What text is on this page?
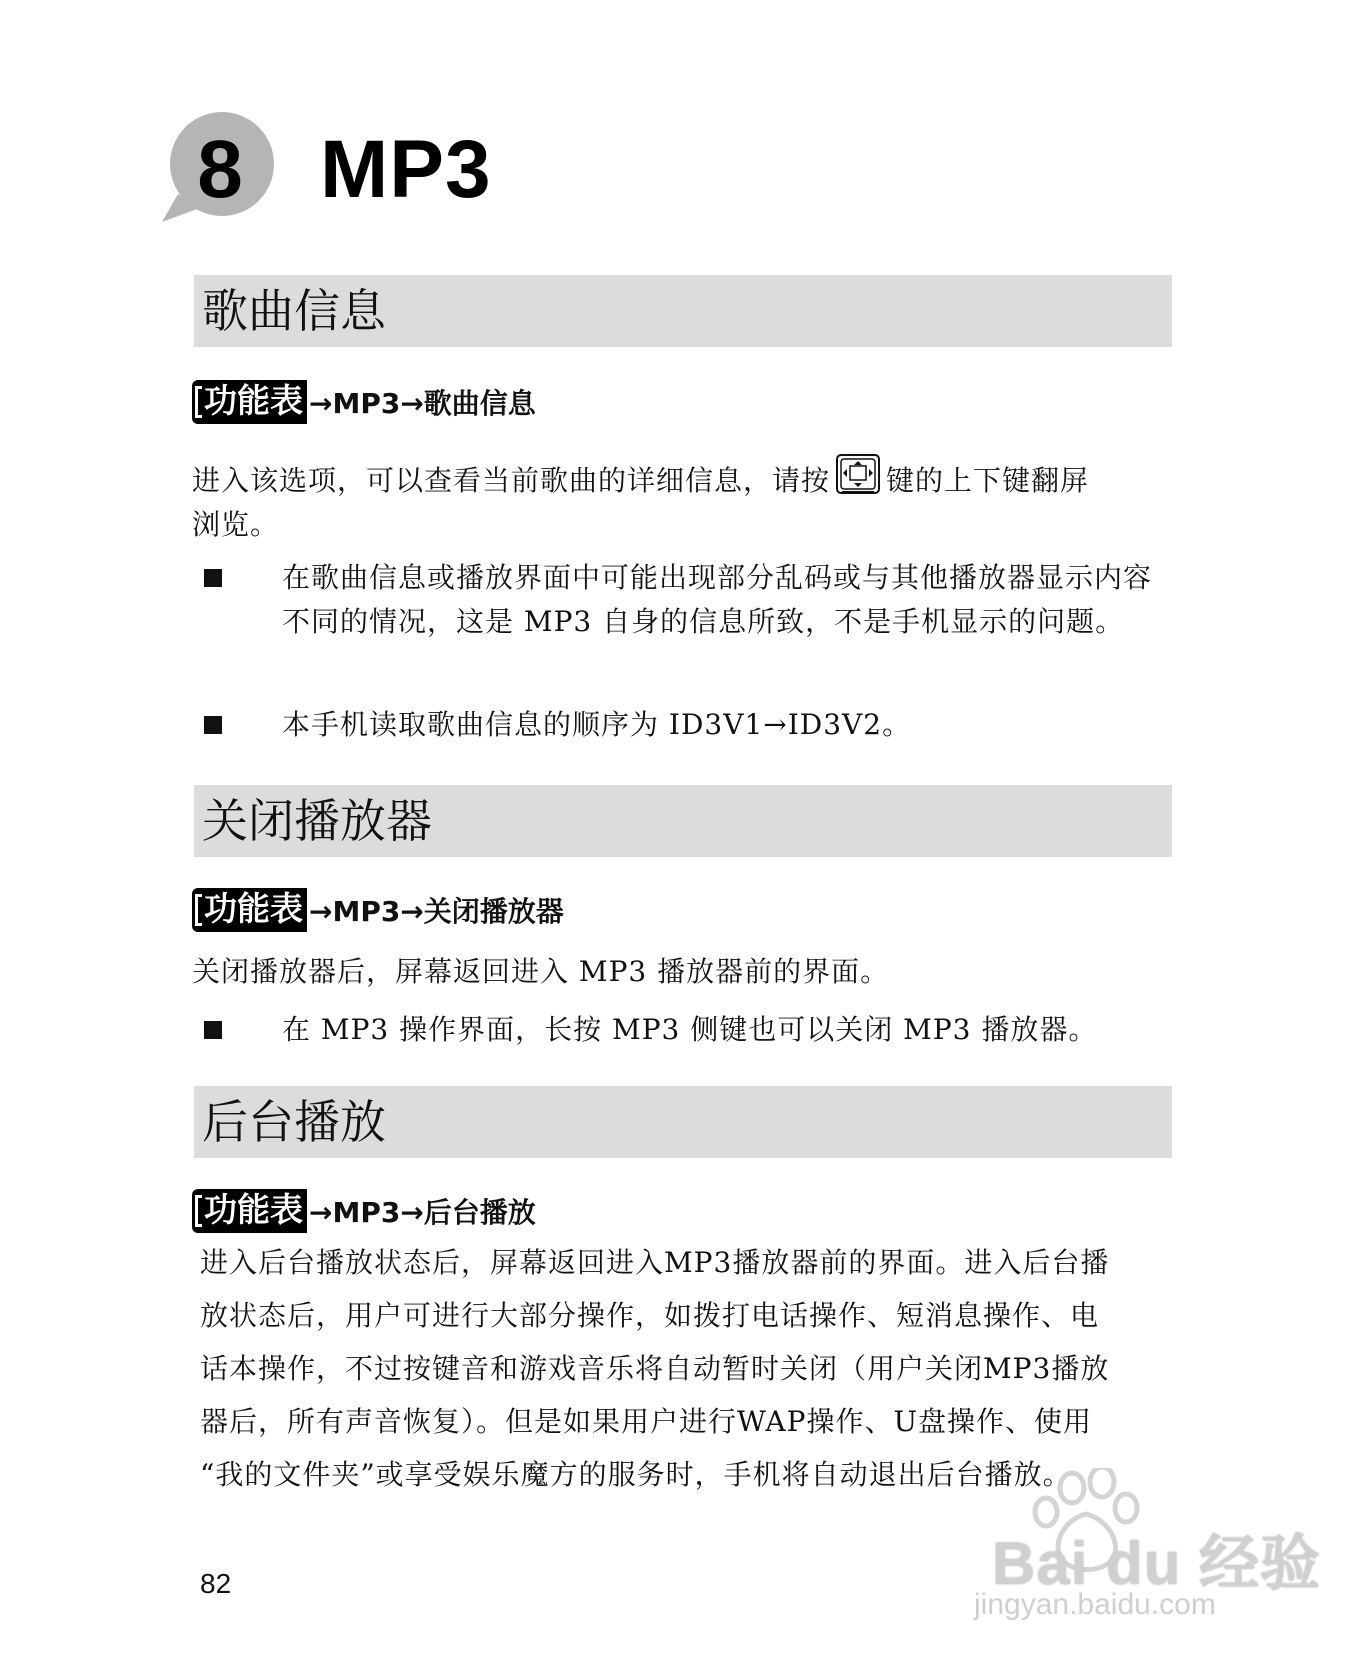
8 MP3
歌曲信息
功能表 →MP3→歌曲信息
进入该选项，可以查看当前歌曲的详细信息，请按 键的上下键翻屏
浏览。
在歌曲信息或播放界面中可能出现部分乱码或与其他播放器显示内容不同的情况，这是 MP3 自身的信息所致，不是手机显示的问题。
本手机读取歌曲信息的顺序为 ID3V1→ID3V2。
关闭播放器
功能表 →MP3→关闭播放器
关闭播放器后，屏幕返回进入 MP3 播放器前的界面。
在 MP3 操作界面，长按 MP3 侧键也可以关闭 MP3 播放器。
后台播放
功能表 →MP3→后台播放
进入后台播放状态后，屏幕返回进入MP3播放器前的界面。进入后台播
放状态后，用户可进行大部分操作，如拨打电话操作、短消息操作、电
话本操作，不过按键音和游戏音乐将自动暂时关闭（用户关闭MP3播放
器后，所有声音恢复）。但是如果用户进行WAP操作、U盘操作、使用
“我的文件夹”或享受娱乐魔方的服务时，手机将自动退出后台播放。
82	Bai du 经验
jingyan.baidu.com
